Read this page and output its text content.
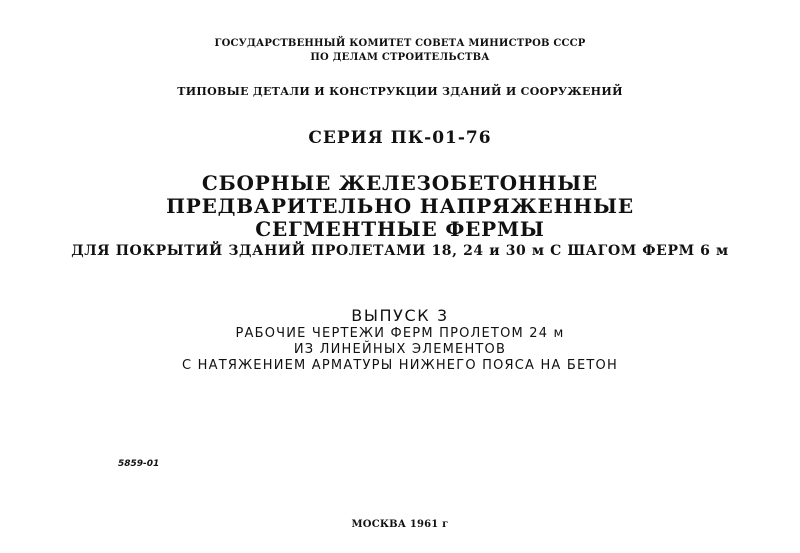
ГОСУДАРСТВЕННЫЙ КОМИТЕТ СОВЕТА МИНИСТРОВ СССР

ПО ДЕЛАМ СТРОИТЕЛЬСТВА

ТИПОВЫЕ ДЕТАЛИ И КОНСТРУКЦИИ ЗДАНИЙ И СООРУЖЕНИЙ

СЕРИЯ ПК-01-76

СБОРНЫЕ ЖЕЛЕЗОБЕТОННЫЕ

ПРЕДВАРИТЕЛЬНО НАПРЯЖЕННЫЕ

СЕГМЕНТНЫЕ ФЕРМЫ

ДЛЯ ПОКРЫТИЙ ЗДАНИЙ ПРОЛЕТАМИ 18, 24 и 30 м С ШАГОМ ФЕРМ 6 м

ВЫПУСК 3

РАБОЧИЕ ЧЕРТЕЖИ ФЕРМ ПРОЛЕТОМ 24 м

ИЗ ЛИНЕЙНЫХ ЭЛЕМЕНТОВ

С НАТЯЖЕНИЕМ АРМАТУРЫ НИЖНЕГО ПОЯСА НА БЕТОН

5859-01

МОСКВА 1961 г
